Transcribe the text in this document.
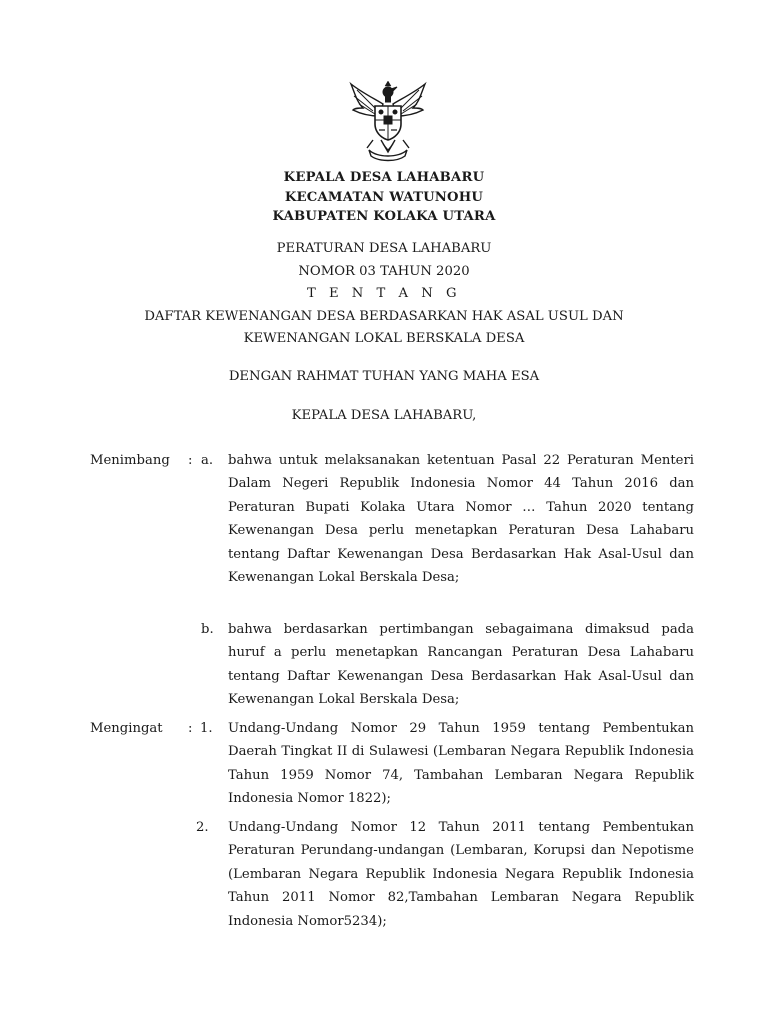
KEPALA DESA LAHABARU
KECAMATAN WATUNOHU
KABUPATEN KOLAKA UTARA
PERATURAN DESA LAHABARU
NOMOR 03 TAHUN 2020
T E N T A N G
DAFTAR KEWENANGAN DESA BERDASARKAN HAK ASAL USUL DAN
KEWENANGAN LOKAL BERSKALA DESA
DENGAN RAHMAT TUHAN YANG MAHA ESA
KEPALA DESA LAHABARU,
Menimbang : a. bahwa untuk melaksanakan ketentuan Pasal 22 Peraturan Menteri Dalam Negeri Republik Indonesia Nomor 44 Tahun 2016 dan Peraturan Bupati Kolaka Utara Nomor … Tahun 2020 tentang Kewenangan Desa perlu menetapkan Peraturan Desa Lahabaru tentang Daftar Kewenangan Desa Berdasarkan Hak Asal-Usul dan Kewenangan Lokal Berskala Desa;
b. bahwa berdasarkan pertimbangan sebagaimana dimaksud pada huruf a perlu menetapkan Rancangan Peraturan Desa Lahabaru tentang Daftar Kewenangan Desa Berdasarkan Hak Asal-Usul dan Kewenangan Lokal Berskala Desa;
Mengingat : 1. Undang-Undang Nomor 29 Tahun 1959 tentang Pembentukan Daerah Tingkat II di Sulawesi (Lembaran Negara Republik Indonesia Tahun 1959 Nomor 74, Tambahan Lembaran Negara Republik Indonesia Nomor 1822);
2. Undang-Undang Nomor 12 Tahun 2011 tentang Pembentukan Peraturan Perundang-undangan (Lembaran, Korupsi dan Nepotisme (Lembaran Negara Republik Indonesia Negara Republik Indonesia Tahun 2011 Nomor 82,Tambahan Lembaran Negara Republik Indonesia Nomor5234);
